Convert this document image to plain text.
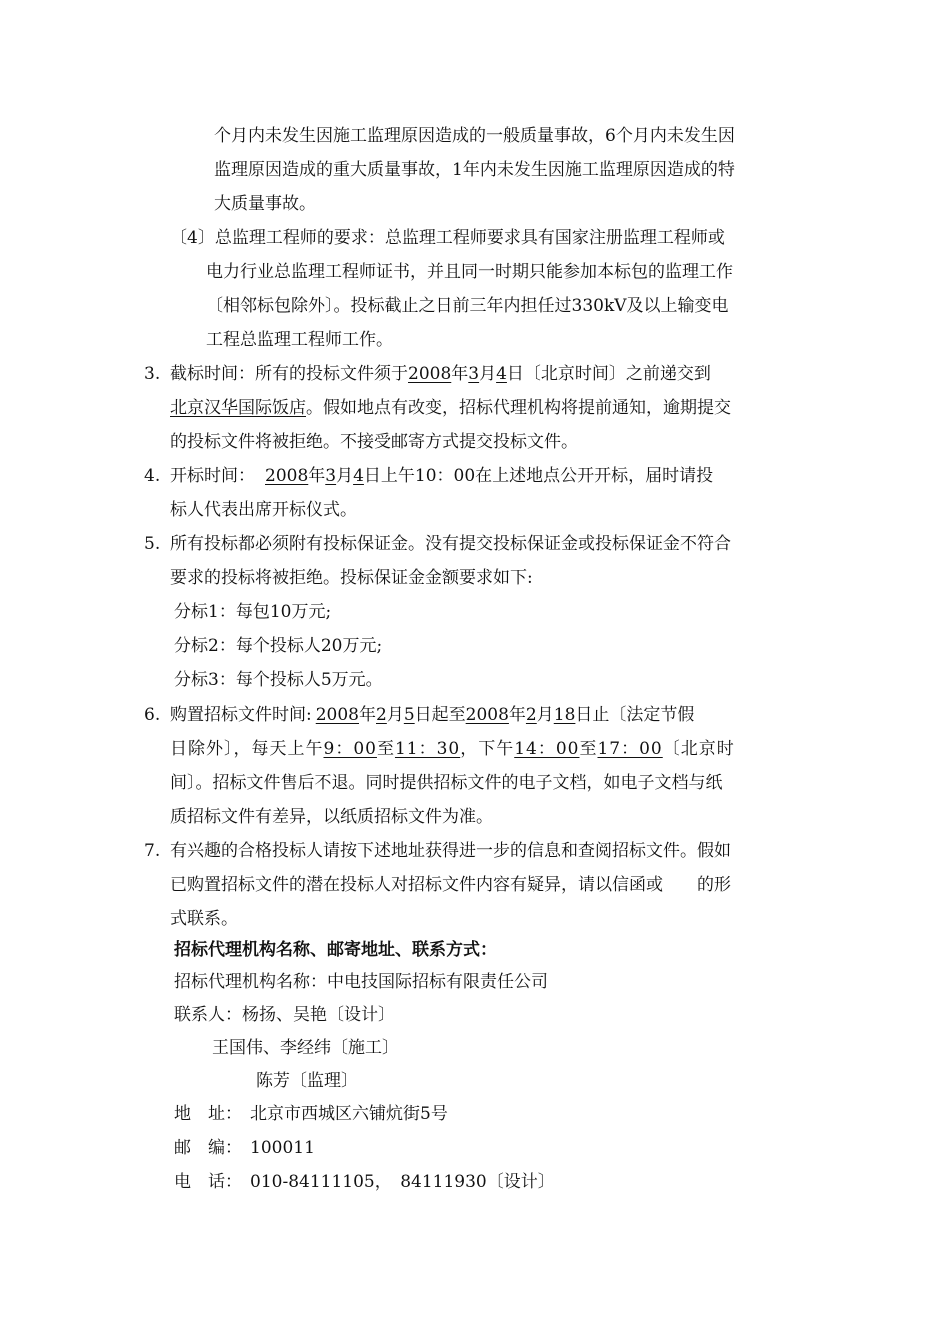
个月内未发生因施工监理原因造成的一般质量事故，6个月内未发生因
监理原因造成的重大质量事故，1年内未发生因施工监理原因造成的特
大质量事故。
〔4〕总监理工程师的要求：总监理工程师要求具有国家注册监理工程师或
电力行业总监理工程师证书，并且同一时期只能参加本标包的监理工作
〔相邻标包除外〕。投标截止之日前三年内担任过330kV及以上输变电
工程总监理工程师工作。
3. 截标时间：所有的投标文件须于2008年3月4日〔北京时间〕之前递交到
北京汉华国际饭店。假如地点有改变，招标代理机构将提前通知，逾期提交
的投标文件将被拒绝。不接受邮寄方式提交投标文件。
4. 开标时间： 2008年3月4日上午10：00在上述地点公开开标，届时请投
标人代表出席开标仪式。
5. 所有投标都必须附有投标保证金。没有提交投标保证金或投标保证金不符合
要求的投标将被拒绝。投标保证金金额要求如下:
分标1：每包10万元;
分标2：每个投标人20万元;
分标3：每个投标人5万元。
6. 购置招标文件时间: 2008年2月5日起至2008年2月18日止〔法定节假
日除外〕，每天上午9：00至11：30，下午14：00至17：00〔北京时
间〕。招标文件售后不退。同时提供招标文件的电子文档，如电子文档与纸
质招标文件有差异，以纸质招标文件为准。
7. 有兴趣的合格投标人请按下述地址获得进一步的信息和查阅招标文件。假如
已购置招标文件的潜在投标人对招标文件内容有疑异，请以信函或　　的形
式联系。
招标代理机构名称、邮寄地址、联系方式：
招标代理机构名称：中电技国际招标有限责任公司
联系人：杨扬、吴艳〔设计〕
王国伟、李经纬〔施工〕
陈芳〔监理〕
地　址： 北京市西城区六铺炕街5号
邮　编： 100011
电　话： 010-84111105，　84111930〔设计〕
